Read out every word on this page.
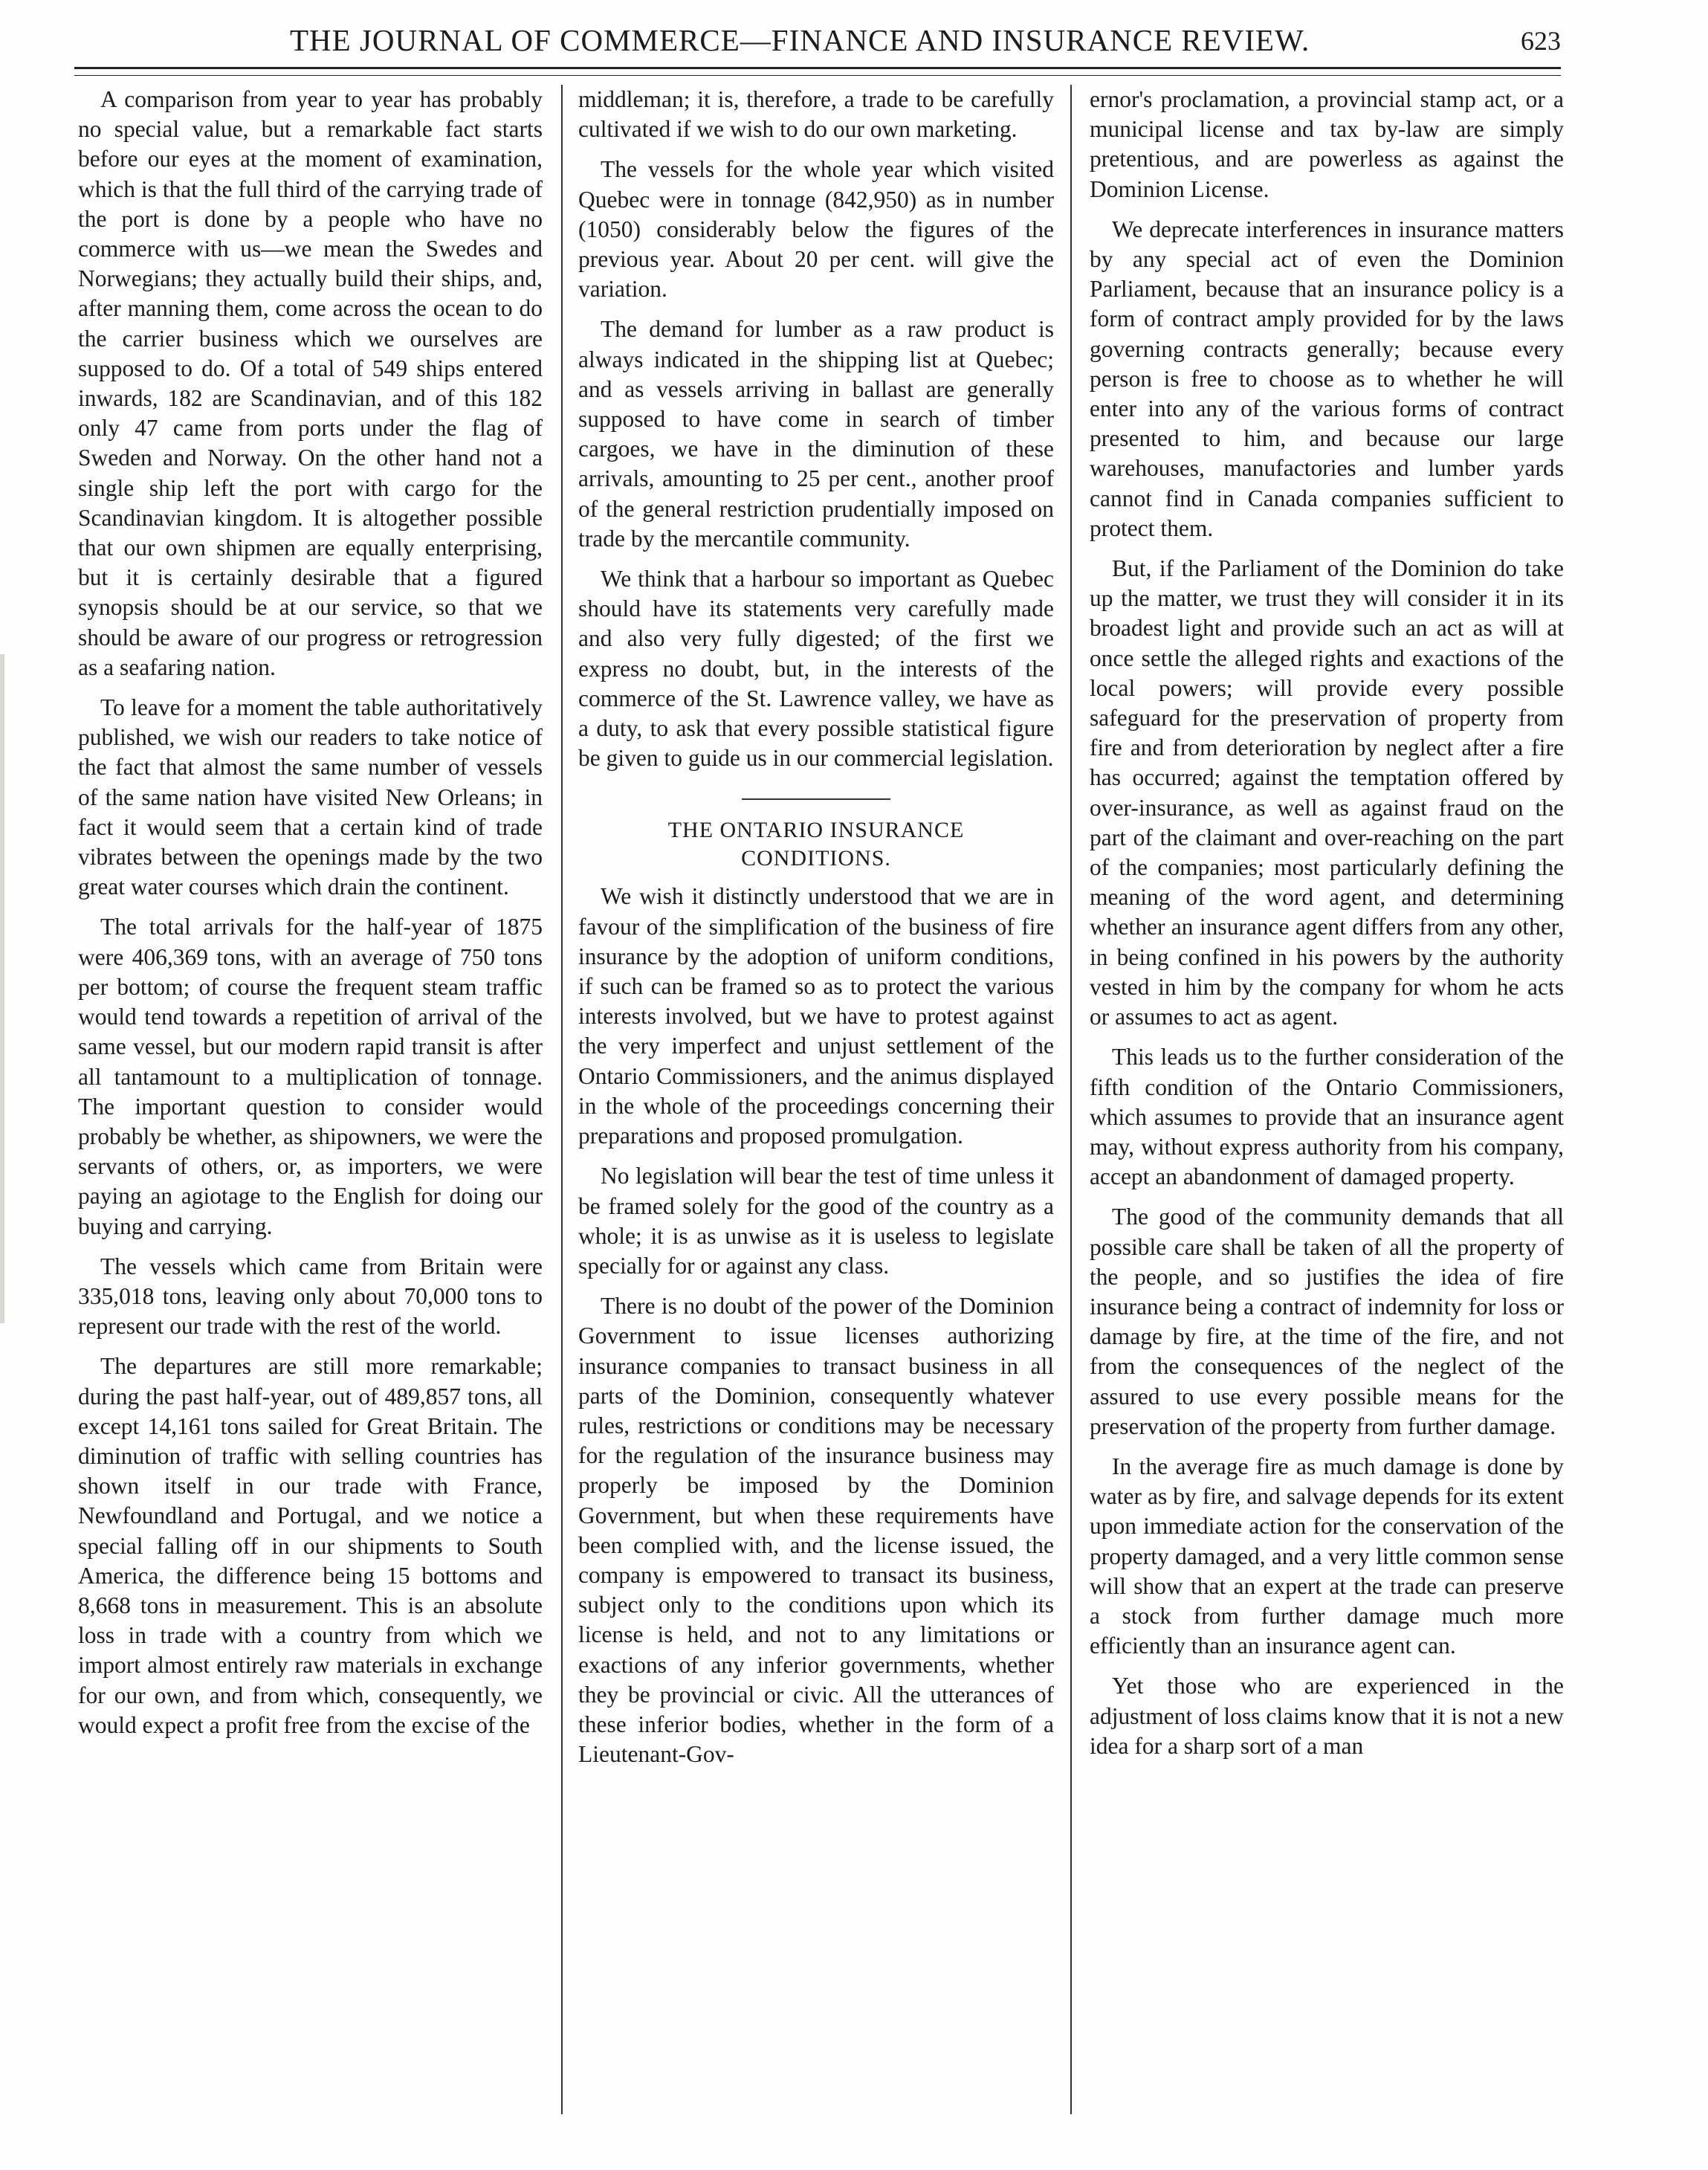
THE JOURNAL OF COMMERCE—FINANCE AND INSURANCE REVIEW.	623

A comparison from year to year has probably no special value, but a remarkable fact starts before our eyes at the moment of examination, which is that the full third of the carrying trade of the port is done by a people who have no commerce with us—we mean the Swedes and Norwegians; they actually build their ships, and, after manning them, come across the ocean to do the carrier business which we ourselves are supposed to do. Of a total of 549 ships entered inwards, 182 are Scandinavian, and of this 182 only 47 came from ports under the flag of Sweden and Norway. On the other hand not a single ship left the port with cargo for the Scandinavian kingdom. It is altogether possible that our own shipmen are equally enterprising, but it is certainly desirable that a figured synopsis should be at our service, so that we should be aware of our progress or retrogression as a seafaring nation.

To leave for a moment the table authoritatively published, we wish our readers to take notice of the fact that almost the same number of vessels of the same nation have visited New Orleans; in fact it would seem that a certain kind of trade vibrates between the openings made by the two great water courses which drain the continent.

The total arrivals for the half-year of 1875 were 406,369 tons, with an average of 750 tons per bottom; of course the frequent steam traffic would tend towards a repetition of arrival of the same vessel, but our modern rapid transit is after all tantamount to a multiplication of tonnage. The important question to consider would probably be whether, as shipowners, we were the servants of others, or, as importers, we were paying an agiotage to the English for doing our buying and carrying.

The vessels which came from Britain were 335,018 tons, leaving only about 70,000 tons to represent our trade with the rest of the world.

The departures are still more remarkable; during the past half-year, out of 489,857 tons, all except 14,161 tons sailed for Great Britain. The diminution of traffic with selling countries has shown itself in our trade with France, Newfoundland and Portugal, and we notice a special falling off in our shipments to South America, the difference being 15 bottoms and 8,668 tons in measurement. This is an absolute loss in trade with a country from which we import almost entirely raw materials in exchange for our own, and from which, consequently, we would expect a profit free from the excise of the

middleman; it is, therefore, a trade to be carefully cultivated if we wish to do our own marketing.

The vessels for the whole year which visited Quebec were in tonnage (842,950) as in number (1050) considerably below the figures of the previous year. About 20 per cent. will give the variation.

The demand for lumber as a raw product is always indicated in the shipping list at Quebec; and as vessels arriving in ballast are generally supposed to have come in search of timber cargoes, we have in the diminution of these arrivals, amounting to 25 per cent., another proof of the general restriction prudentially imposed on trade by the mercantile community.

We think that a harbour so important as Quebec should have its statements very carefully made and also very fully digested; of the first we express no doubt, but, in the interests of the commerce of the St. Lawrence valley, we have as a duty, to ask that every possible statistical figure be given to guide us in our commercial legislation.

THE ONTARIO INSURANCE
CONDITIONS.

We wish it distinctly understood that we are in favour of the simplification of the business of fire insurance by the adoption of uniform conditions, if such can be framed so as to protect the various interests involved, but we have to protest against the very imperfect and unjust settlement of the Ontario Commissioners, and the animus displayed in the whole of the proceedings concerning their preparations and proposed promulgation.

No legislation will bear the test of time unless it be framed solely for the good of the country as a whole; it is as unwise as it is useless to legislate specially for or against any class.

There is no doubt of the power of the Dominion Government to issue licenses authorizing insurance companies to transact business in all parts of the Dominion, consequently whatever rules, restrictions or conditions may be necessary for the regulation of the insurance business may properly be imposed by the Dominion Government, but when these requirements have been complied with, and the license issued, the company is empowered to transact its business, subject only to the conditions upon which its license is held, and not to any limitations or exactions of any inferior governments, whether they be provincial or civic. All the utterances of these inferior bodies, whether in the form of a Lieutenant-Gov-

ernor's proclamation, a provincial stamp act, or a municipal license and tax by-law are simply pretentious, and are powerless as against the Dominion License.

We deprecate interferences in insurance matters by any special act of even the Dominion Parliament, because that an insurance policy is a form of contract amply provided for by the laws governing contracts generally; because every person is free to choose as to whether he will enter into any of the various forms of contract presented to him, and because our large warehouses, manufactories and lumber yards cannot find in Canada companies sufficient to protect them.

But, if the Parliament of the Dominion do take up the matter, we trust they will consider it in its broadest light and provide such an act as will at once settle the alleged rights and exactions of the local powers; will provide every possible safeguard for the preservation of property from fire and from deterioration by neglect after a fire has occurred; against the temptation offered by over-insurance, as well as against fraud on the part of the claimant and over-reaching on the part of the companies; most particularly defining the meaning of the word agent, and determining whether an insurance agent differs from any other, in being confined in his powers by the authority vested in him by the company for whom he acts or assumes to act as agent.

This leads us to the further consideration of the fifth condition of the Ontario Commissioners, which assumes to provide that an insurance agent may, without express authority from his company, accept an abandonment of damaged property.

The good of the community demands that all possible care shall be taken of all the property of the people, and so justifies the idea of fire insurance being a contract of indemnity for loss or damage by fire, at the time of the fire, and not from the consequences of the neglect of the assured to use every possible means for the preservation of the property from further damage.

In the average fire as much damage is done by water as by fire, and salvage depends for its extent upon immediate action for the conservation of the property damaged, and a very little common sense will show that an expert at the trade can preserve a stock from further damage much more efficiently than an insurance agent can.

Yet those who are experienced in the adjustment of loss claims know that it is not a new idea for a sharp sort of a man
